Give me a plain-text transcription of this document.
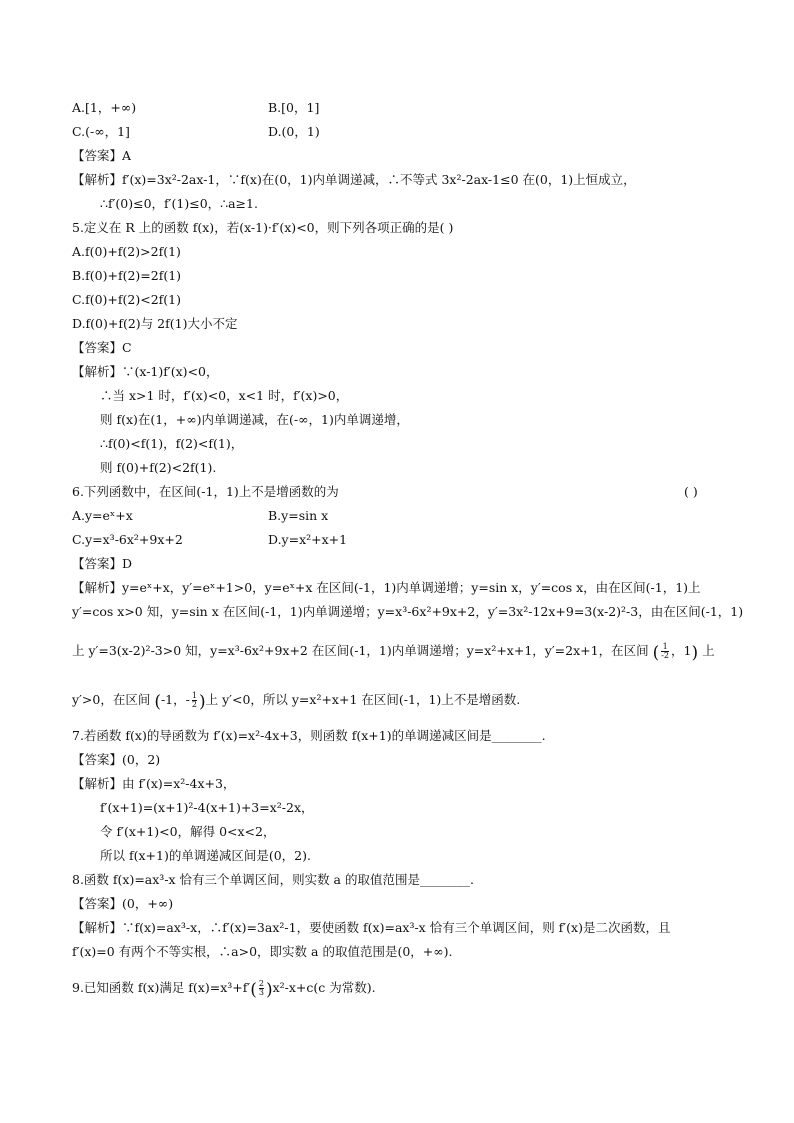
A.[1，+∞)	B.[0，1]
C.(-∞，1]	D.(0，1)
【答案】A
【解析】f′(x)=3x²-2ax-1，∵f(x)在(0，1)内单调递减，∴不等式 3x²-2ax-1≤0 在(0，1)上恒成立，
∴f′(0)≤0，f′(1)≤0，∴a≥1.
5.定义在 R 上的函数 f(x)，若(x-1)·f′(x)<0，则下列各项正确的是( )
A.f(0)+f(2)>2f(1)
B.f(0)+f(2)=2f(1)
C.f(0)+f(2)<2f(1)
D.f(0)+f(2)与 2f(1)大小不定
【答案】C
【解析】∵(x-1)f′(x)<0，
∴当 x>1 时，f′(x)<0，x<1 时，f′(x)>0，
则 f(x)在(1，+∞)内单调递减，在(-∞，1)内单调递增，
∴f(0)<f(1)，f(2)<f(1)，
则 f(0)+f(2)<2f(1).
6.下列函数中，在区间(-1，1)上不是增函数的为	( )
A.y=eˣ+x	B.y=sin x
C.y=x³-6x²+9x+2	D.y=x²+x+1
【答案】D
【解析】y=eˣ+x，y′=eˣ+1>0，y=eˣ+x 在区间(-1，1)内单调递增；y=sin x，y′=cos x，由在区间(-1，1)上
y′=cos x>0 知，y=sin x 在区间(-1，1)内单调递增；y=x³-6x²+9x+2，y′=3x²-12x+9=3(x-2)²-3，由在区间(-1，1)
上 y′=3(x-2)²-3>0 知，y=x³-6x²+9x+2 在区间(-1，1)内单调递增；y=x²+x+1，y′=2x+1，在区间 ( $\frac{1}{-2}$ ，1) 上
y′>0，在区间 (-1，- $\frac{1}{2}$ )上 y′<0，所以 y=x²+x+1 在区间(-1，1)上不是增函数.
7.若函数 f(x)的导函数为 f′(x)=x²-4x+3，则函数 f(x+1)的单调递减区间是________.
【答案】(0，2)
【解析】由 f′(x)=x²-4x+3，
f′(x+1)=(x+1)²-4(x+1)+3=x²-2x，
令 f′(x+1)<0，解得 0<x<2，
所以 f(x+1)的单调递减区间是(0，2).
8.函数 f(x)=ax³-x 恰有三个单调区间，则实数 a 的取值范围是________.
【答案】(0，+∞)
【解析】∵f(x)=ax³-x，∴f′(x)=3ax²-1，要使函数 f(x)=ax³-x 恰有三个单调区间，则 f′(x)是二次函数，且
f′(x)=0 有两个不等实根，∴a>0，即实数 a 的取值范围是(0，+∞).
9.已知函数 f(x)满足 $f(x)=x^3+f'( \frac{2}{3} )x^2-x+c(c$ 为常数).
